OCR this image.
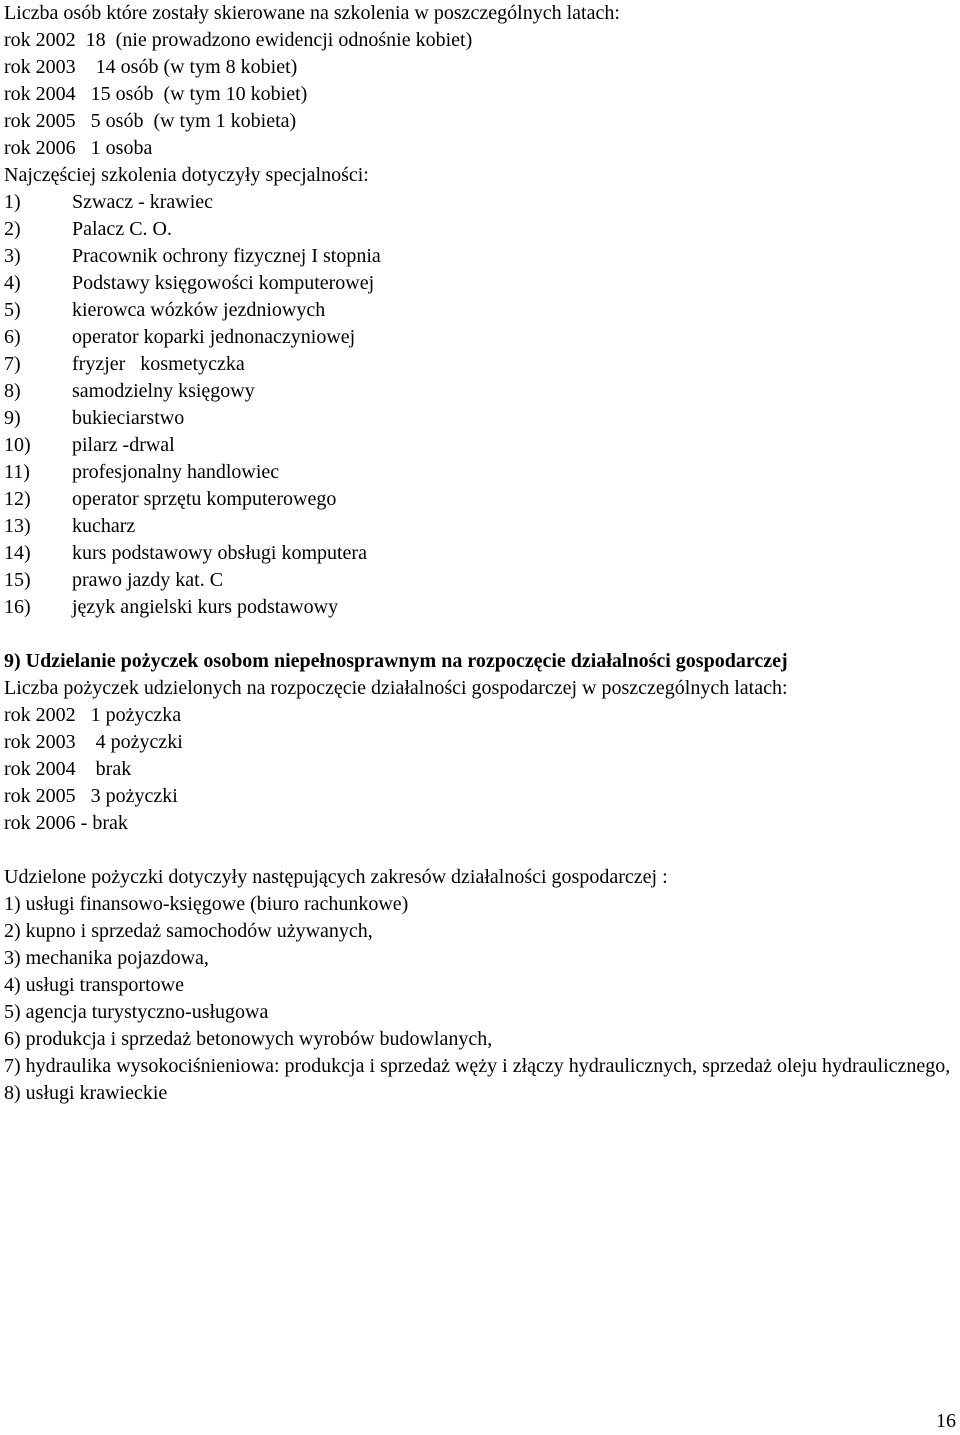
Liczba osób które zostały skierowane na szkolenia w poszczególnych latach:
rok 2002  18  (nie prowadzono ewidencji odnośnie kobiet)
rok 2003    14 osób (w tym 8 kobiet)
rok 2004   15 osób  (w tym 10 kobiet)
rok 2005   5 osób  (w tym 1 kobieta)
rok 2006   1 osoba
Najczęściej szkolenia dotyczyły specjalności:
1)	Szwacz - krawiec
2)	Palacz C. O.
3)	Pracownik ochrony fizycznej I stopnia
4)	Podstawy księgowości komputerowej
5)	kierowca wózków jezdniowych
6)	operator koparki jednonaczyniowej
7)	fryzjer   kosmetyczka
8)	samodzielny księgowy
9)	bukieciarstwo
10)	pilarz -drwal
11)	profesjonalny handlowiec
12)	operator sprzętu komputerowego
13)	kucharz
14)	kurs podstawowy obsługi komputera
15)	prawo jazdy kat. C
16)	język angielski kurs podstawowy
9) Udzielanie pożyczek osobom niepełnosprawnym na rozpoczęcie działalności gospodarczej
Liczba pożyczek udzielonych na rozpoczęcie działalności gospodarczej w poszczególnych latach:
rok 2002   1 pożyczka
rok 2003    4 pożyczki
rok 2004    brak
rok 2005   3 pożyczki
rok 2006 - brak
Udzielone pożyczki dotyczyły następujących zakresów działalności gospodarczej :
1) usługi finansowo-księgowe (biuro rachunkowe)
2) kupno i sprzedaż samochodów używanych,
3) mechanika pojazdowa,
4) usługi transportowe
5) agencja turystyczno-usługowa
6) produkcja i sprzedaż betonowych wyrobów budowlanych,
7) hydraulika wysokociśnieniowa: produkcja i sprzedaż węży i złączy hydraulicznych, sprzedaż oleju hydraulicznego,
8) usługi krawieckie
16
